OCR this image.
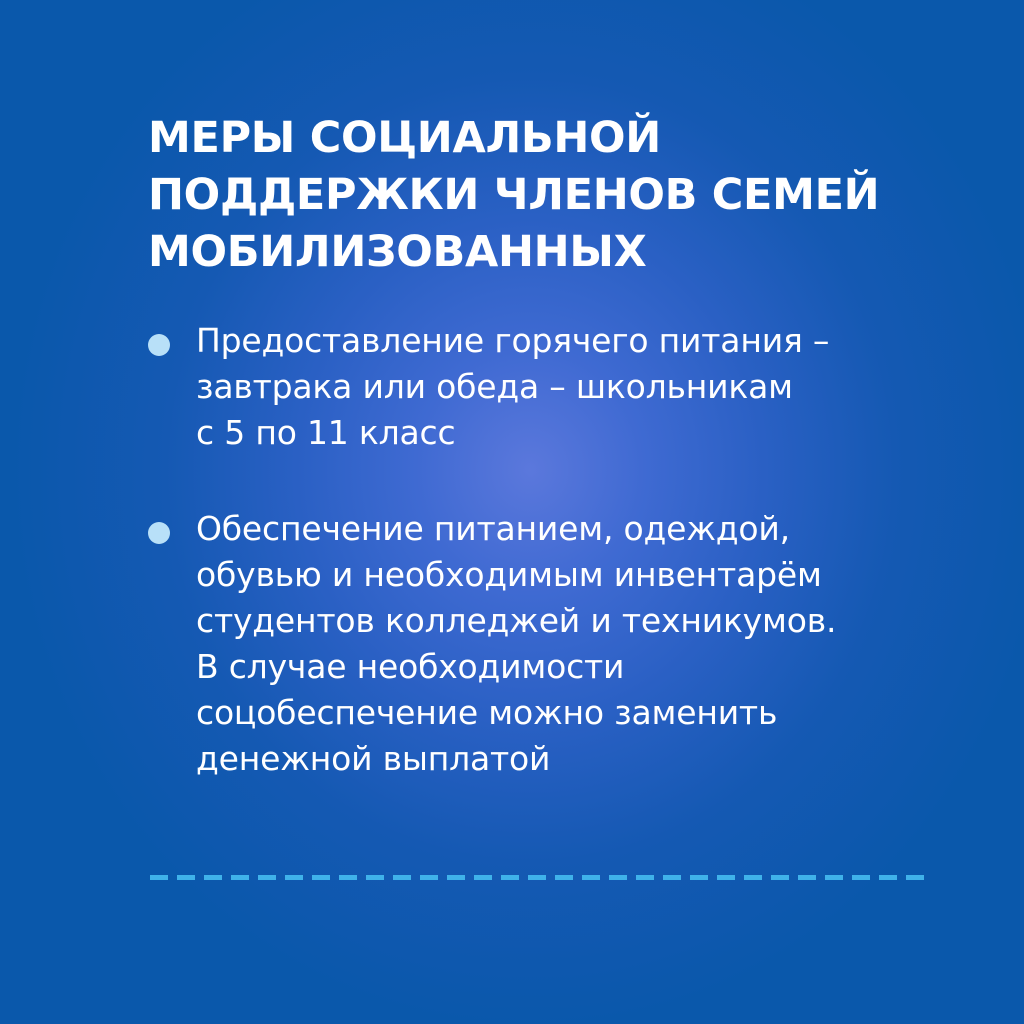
МЕРЫ СОЦИАЛЬНОЙ
ПОДДЕРЖКИ ЧЛЕНОВ СЕМЕЙ
МОБИЛИЗОВАННЫХ
Предоставление горячего питания –
завтрака или обеда – школьникам
с 5 по 11 класс
Обеспечение питанием, одеждой,
обувью и необходимым инвентарём
студентов колледжей и техникумов.
В случае необходимости
соцобеспечение можно заменить
денежной выплатой
